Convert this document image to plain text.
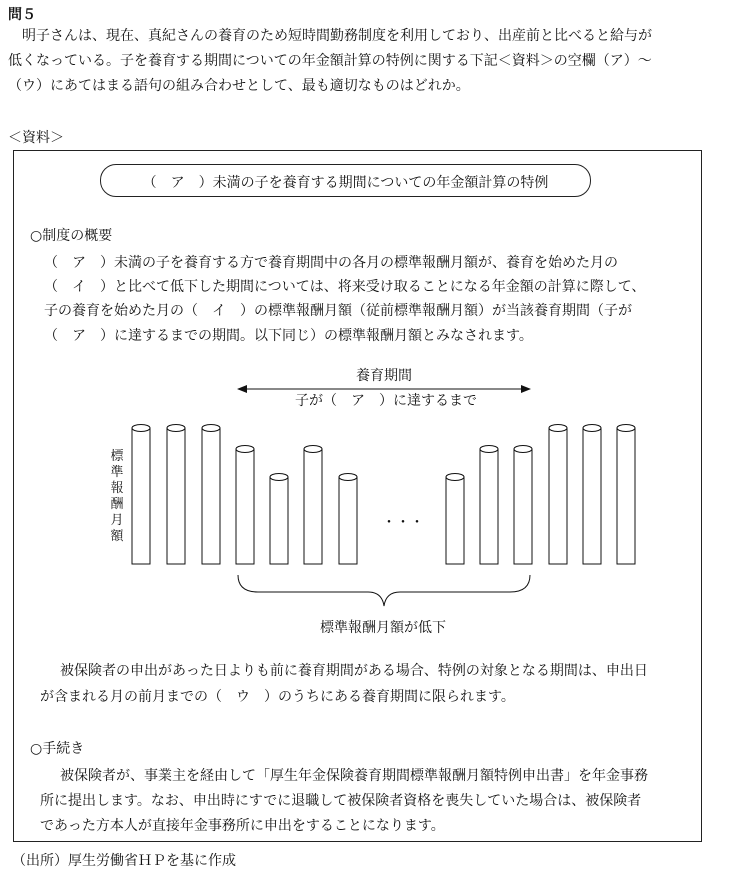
問５
　明子さんは、現在、真紀さんの養育のため短時間勤務制度を利用しており、出産前と比べると給与が
低くなっている。子を養育する期間についての年金額計算の特例に関する下記＜資料＞の空欄（ア）〜
（ウ）にあてはまる語句の組み合わせとして、最も適切なものはどれか。
＜資料＞
（　ア　）未満の子を養育する期間についての年金額計算の特例
○制度の概要
（　ア　）未満の子を養育する方で養育期間中の各月の標準報酬月額が、養育を始めた月の
（　イ　）と比べて低下した期間については、将来受け取ることになる年金額の計算に際して、
子の養育を始めた月の（　イ　）の標準報酬月額（従前標準報酬月額）が当該養育期間（子が
（　ア　）に達するまでの期間。以下同じ）の標準報酬月額とみなされます。
養育期間
子が（　ア　）に達するまで
標準報酬月額
・・・
標準報酬月額が低下
被保険者の申出があった日よりも前に養育期間がある場合、特例の対象となる期間は、申出日
が含まれる月の前月までの（　ウ　）のうちにある養育期間に限られます。
○手続き
被保険者が、事業主を経由して「厚生年金保険養育期間標準報酬月額特例申出書」を年金事務
所に提出します。なお、申出時にすでに退職して被保険者資格を喪失していた場合は、被保険者
であった方本人が直接年金事務所に申出をすることになります。
（出所）厚生労働省ＨＰを基に作成
